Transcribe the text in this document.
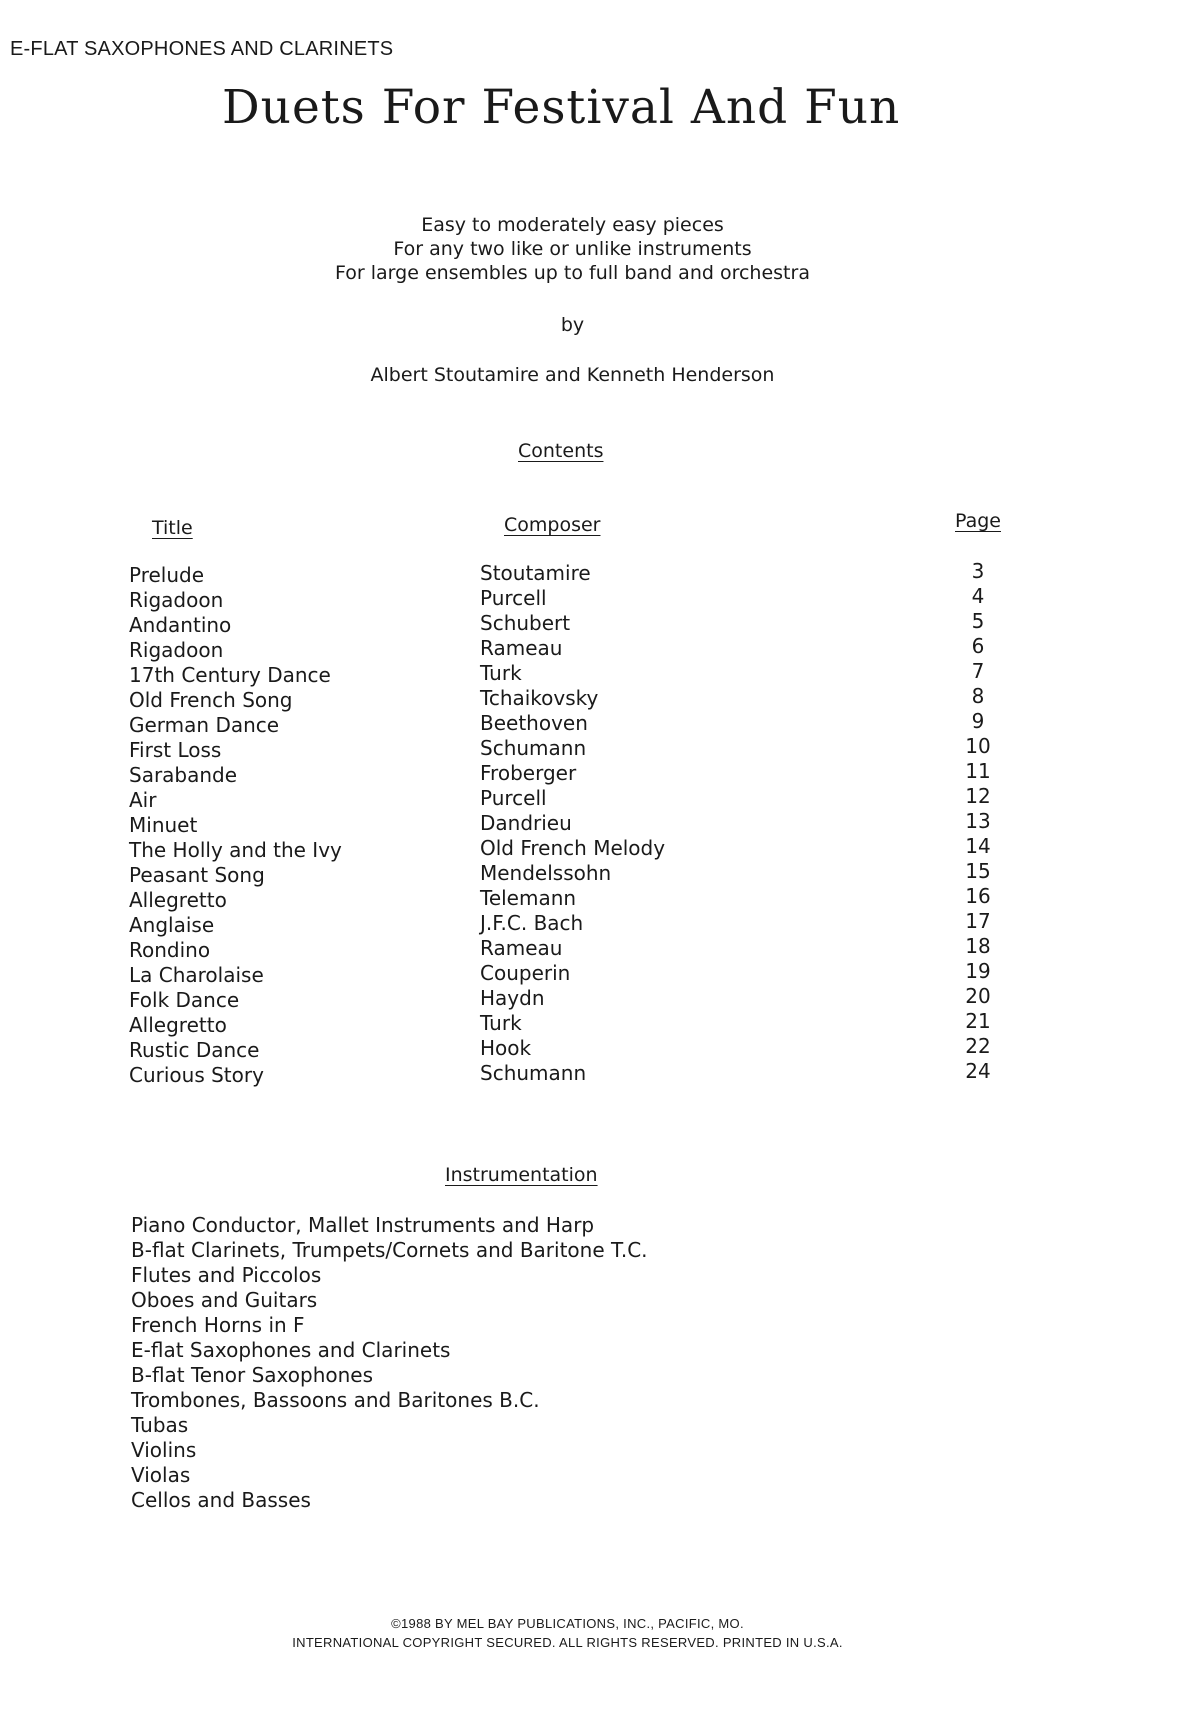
E-FLAT SAXOPHONES AND CLARINETS
Duets For Festival And Fun
Easy to moderately easy pieces
For any two like or unlike instruments
For large ensembles up to full band and orchestra
by
Albert Stoutamire and Kenneth Henderson
Contents
Title	Composer	Page
Prelude
Rigadoon
Andantino
Rigadoon
17th Century Dance
Old French Song
German Dance
First Loss
Sarabande
Air
Minuet
The Holly and the Ivy
Peasant Song
Allegretto
Anglaise
Rondino
La Charolaise
Folk Dance
Allegretto
Rustic Dance
Curious Story
Stoutamire
Purcell
Schubert
Rameau
Turk
Tchaikovsky
Beethoven
Schumann
Froberger
Purcell
Dandrieu
Old French Melody
Mendelssohn
Telemann
J.F.C. Bach
Rameau
Couperin
Haydn
Turk
Hook
Schumann
3
4
5
6
7
8
9
10
11
12
13
14
15
16
17
18
19
20
21
22
24
Instrumentation
Piano Conductor, Mallet Instruments and Harp
B-flat Clarinets, Trumpets/Cornets and Baritone T.C.
Flutes and Piccolos
Oboes and Guitars
French Horns in F
E-flat Saxophones and Clarinets
B-flat Tenor Saxophones
Trombones, Bassoons and Baritones B.C.
Tubas
Violins
Violas
Cellos and Basses
©1988 BY MEL BAY PUBLICATIONS, INC., PACIFIC, MO.
INTERNATIONAL COPYRIGHT SECURED. ALL RIGHTS RESERVED. PRINTED IN U.S.A.
